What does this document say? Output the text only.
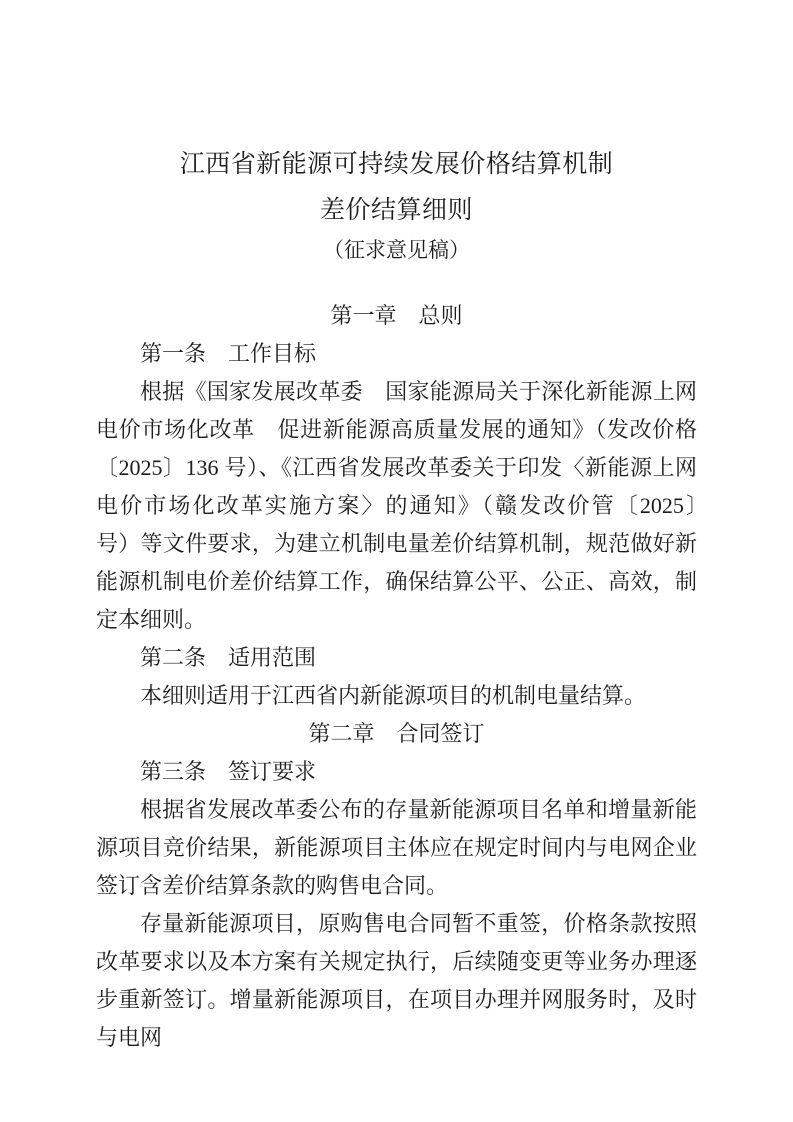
江西省新能源可持续发展价格结算机制
差价结算细则
（征求意见稿）
第一章　总则
第一条　工作目标

根据《国家发展改革委　国家能源局关于深化新能源上网电价市场化改革　促进新能源高质量发展的通知》（发改价格〔2025〕136 号）、《江西省发展改革委关于印发〈新能源上网电价市场化改革实施方案〉的通知》（赣发改价管〔2025〕　号）等文件要求，为建立机制电量差价结算机制，规范做好新能源机制电价差价结算工作，确保结算公平、公正、高效，制定本细则。

第二条　适用范围

本细则适用于江西省内新能源项目的机制电量结算。

第二章　合同签订
第三条　签订要求

根据省发展改革委公布的存量新能源项目名单和增量新能源项目竞价结果，新能源项目主体应在规定时间内与电网企业签订含差价结算条款的购售电合同。

存量新能源项目，原购售电合同暂不重签，价格条款按照改革要求以及本方案有关规定执行，后续随变更等业务办理逐步重新签订。增量新能源项目，在项目办理并网服务时，及时与电网
